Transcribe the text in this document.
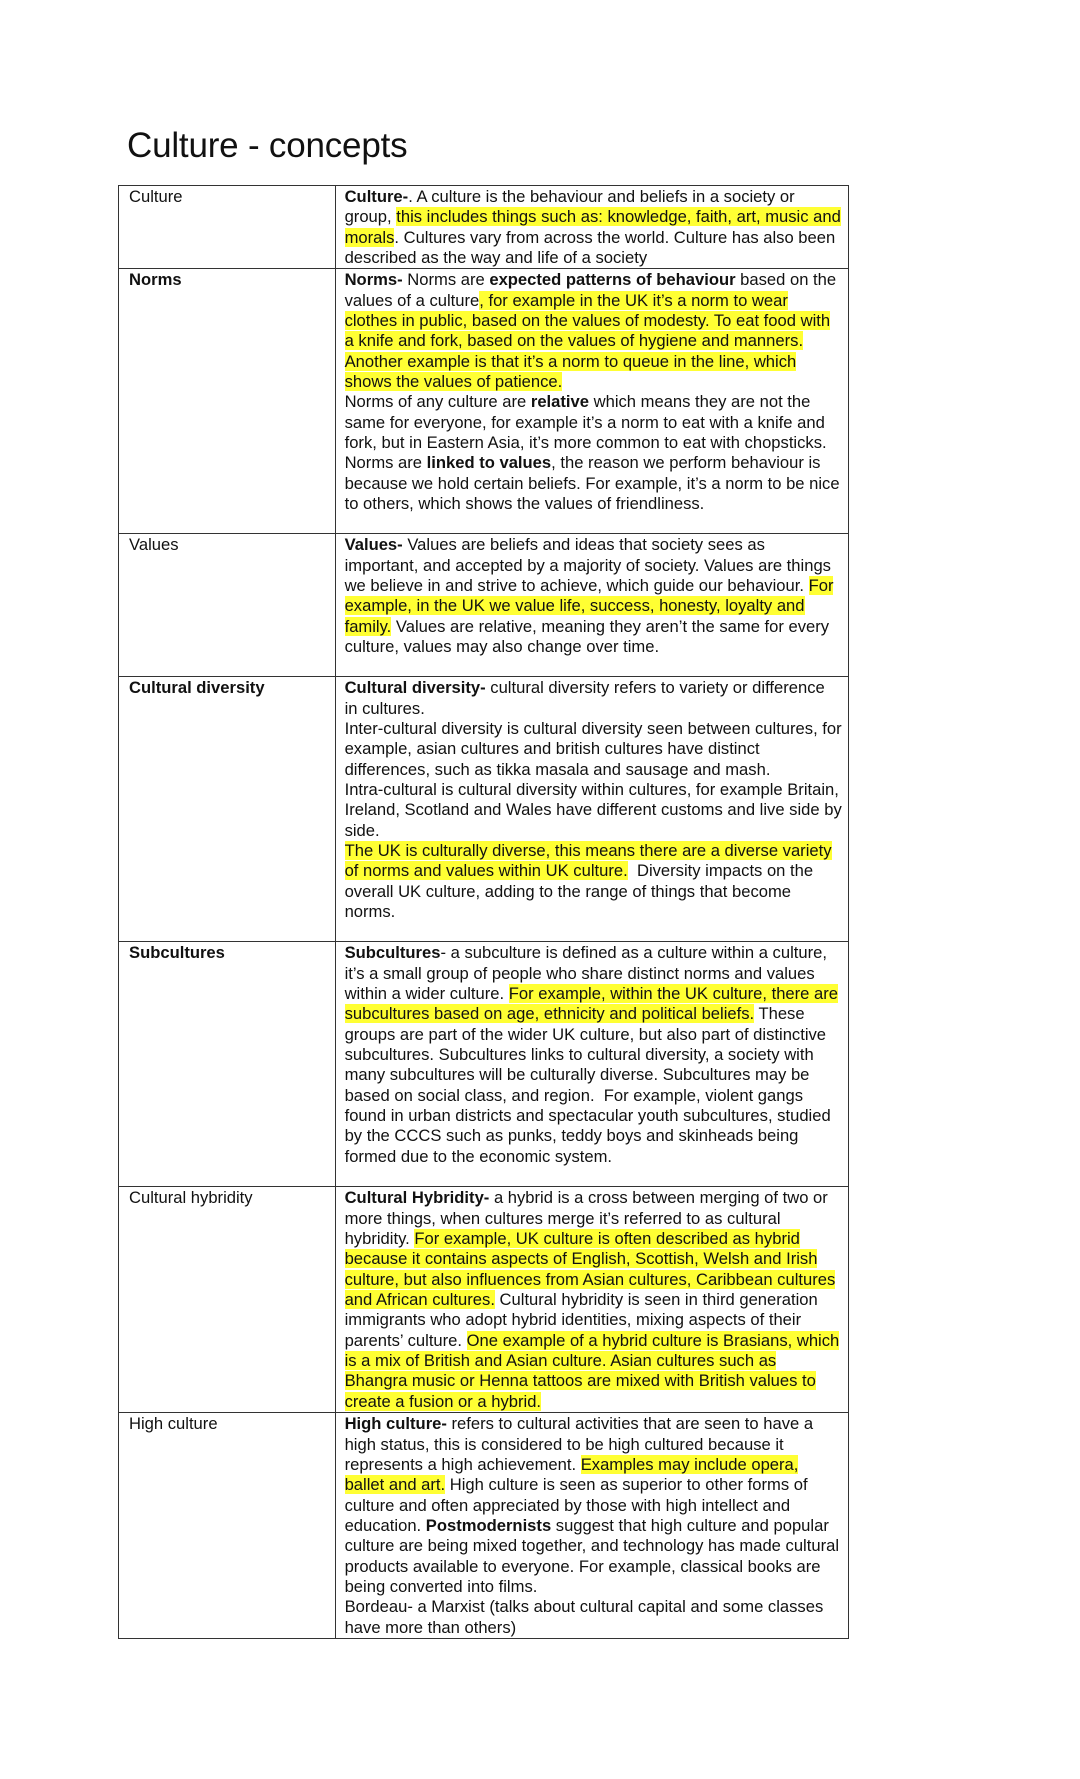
Culture - concepts
Culture	Culture-. A culture is the behaviour and beliefs in a society or group, this includes things such as: knowledge, faith, art, music and morals. Cultures vary from across the world. Culture has also been described as the way and life of a society

Norms	Norms- Norms are expected patterns of behaviour based on the values of a culture, for example in the UK it’s a norm to wear clothes in public, based on the values of modesty. To eat food with a knife and fork, based on the values of hygiene and manners. Another example is that it’s a norm to queue in the line, which shows the values of patience.
Norms of any culture are relative which means they are not the same for everyone, for example it’s a norm to eat with a knife and fork, but in Eastern Asia, it’s more common to eat with chopsticks.
Norms are linked to values, the reason we perform behaviour is because we hold certain beliefs. For example, it’s a norm to be nice to others, which shows the values of friendliness.

Values	Values- Values are beliefs and ideas that society sees as important, and accepted by a majority of society. Values are things we believe in and strive to achieve, which guide our behaviour. For example, in the UK we value life, success, honesty, loyalty and family. Values are relative, meaning they aren’t the same for every culture, values may also change over time.

Cultural diversity	Cultural diversity- cultural diversity refers to variety or difference in cultures.
Inter-cultural diversity is cultural diversity seen between cultures, for example, asian cultures and british cultures have distinct differences, such as tikka masala and sausage and mash.
Intra-cultural is cultural diversity within cultures, for example Britain, Ireland, Scotland and Wales have different customs and live side by side.
The UK is culturally diverse, this means there are a diverse variety of norms and values within UK culture.  Diversity impacts on the overall UK culture, adding to the range of things that become norms.

Subcultures	Subcultures- a subculture is defined as a culture within a culture, it’s a small group of people who share distinct norms and values within a wider culture. For example, within the UK culture, there are subcultures based on age, ethnicity and political beliefs. These groups are part of the wider UK culture, but also part of distinctive subcultures. Subcultures links to cultural diversity, a society with many subcultures will be culturally diverse. Subcultures may be based on social class, and region.  For example, violent gangs found in urban districts and spectacular youth subcultures, studied by the CCCS such as punks, teddy boys and skinheads being formed due to the economic system.

Cultural hybridity	Cultural Hybridity- a hybrid is a cross between merging of two or more things, when cultures merge it’s referred to as cultural hybridity. For example, UK culture is often described as hybrid because it contains aspects of English, Scottish, Welsh and Irish culture, but also influences from Asian cultures, Caribbean cultures and African cultures. Cultural hybridity is seen in third generation immigrants who adopt hybrid identities, mixing aspects of their parents’ culture. One example of a hybrid culture is Brasians, which is a mix of British and Asian culture. Asian cultures such as Bhangra music or Henna tattoos are mixed with British values to create a fusion or a hybrid.

High culture	High culture- refers to cultural activities that are seen to have a high status, this is considered to be high cultured because it represents a high achievement. Examples may include opera, ballet and art. High culture is seen as superior to other forms of culture and often appreciated by those with high intellect and education. Postmodernists suggest that high culture and popular culture are being mixed together, and technology has made cultural products available to everyone. For example, classical books are being converted into films.
Bordeau- a Marxist (talks about cultural capital and some classes have more than others)
